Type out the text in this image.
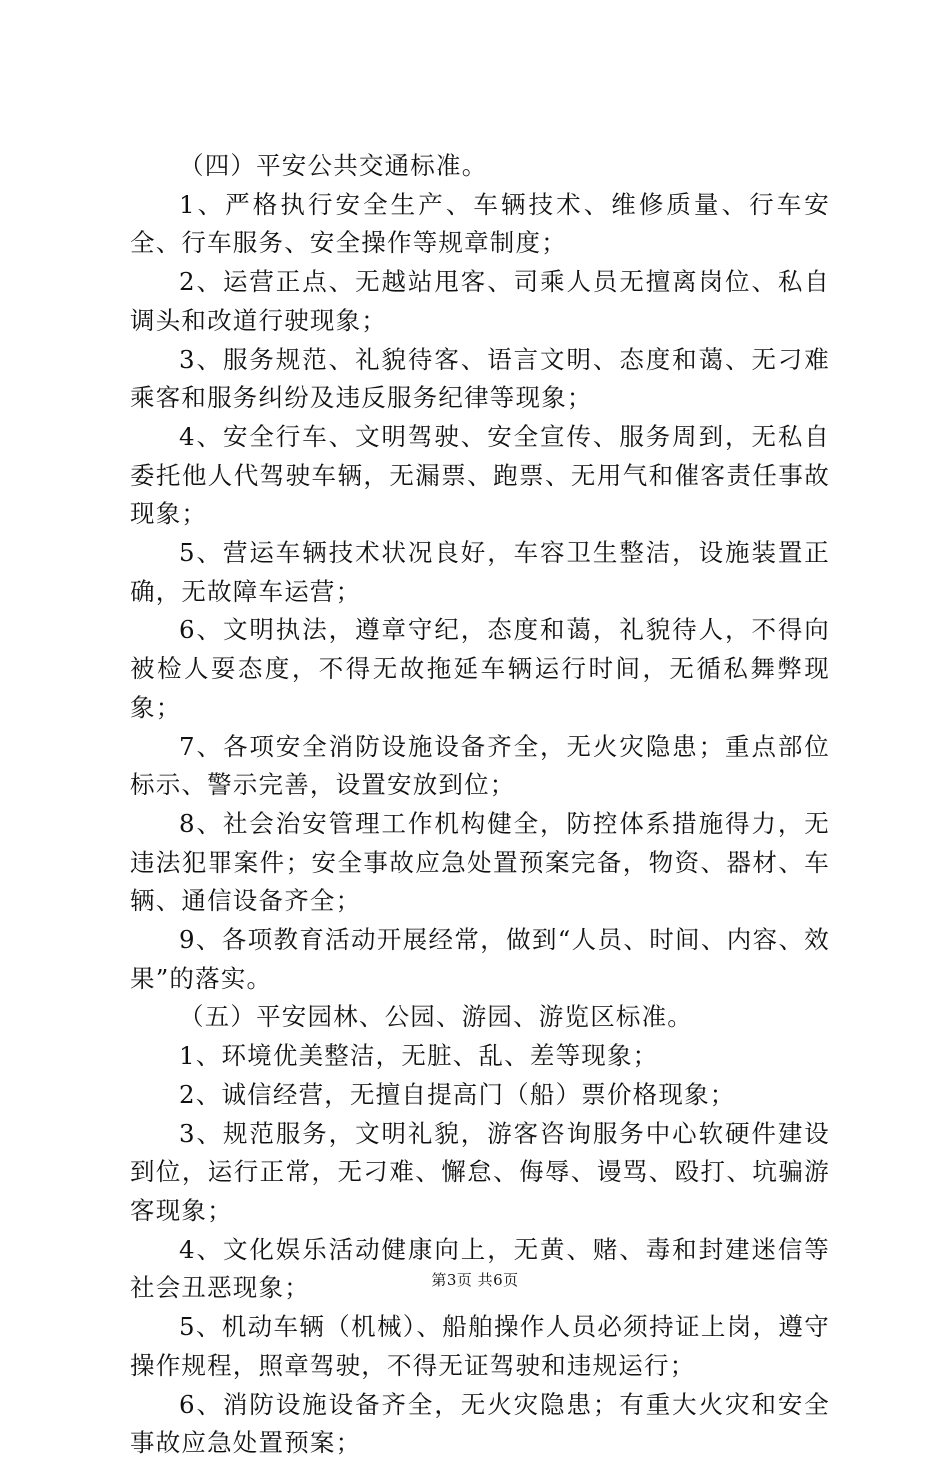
（四）平安公共交通标准。

1、严格执行安全生产、车辆技术、维修质量、行车安全、行车服务、安全操作等规章制度；

2、运营正点、无越站甩客、司乘人员无擅离岗位、私自调头和改道行驶现象；

3、服务规范、礼貌待客、语言文明、态度和蔼、无刁难乘客和服务纠纷及违反服务纪律等现象；

4、安全行车、文明驾驶、安全宣传、服务周到，无私自委托他人代驾驶车辆，无漏票、跑票、无用气和催客责任事故现象；

5、营运车辆技术状况良好，车容卫生整洁，设施装置正确，无故障车运营；

6、文明执法，遵章守纪，态度和蔼，礼貌待人，不得向被检人耍态度，不得无故拖延车辆运行时间，无循私舞弊现象；

7、各项安全消防设施设备齐全，无火灾隐患；重点部位标示、警示完善，设置安放到位；

8、社会治安管理工作机构健全，防控体系措施得力，无违法犯罪案件；安全事故应急处置预案完备，物资、器材、车辆、通信设备齐全；

9、各项教育活动开展经常，做到“人员、时间、内容、效果”的落实。

（五）平安园林、公园、游园、游览区标准。

1、环境优美整洁，无脏、乱、差等现象；

2、诚信经营，无擅自提高门（船）票价格现象；

3、规范服务，文明礼貌，游客咨询服务中心软硬件建设到位，运行正常，无刁难、懈怠、侮辱、谩骂、殴打、坑骗游客现象；

4、文化娱乐活动健康向上，无黄、赌、毒和封建迷信等社会丑恶现象；

5、机动车辆（机械）、船舶操作人员必须持证上岗，遵守操作规程，照章驾驶，不得无证驾驶和违规运行；

6、消防设施设备齐全，无火灾隐患；有重大火灾和安全事故应急处置预案；

第3页 共6页
